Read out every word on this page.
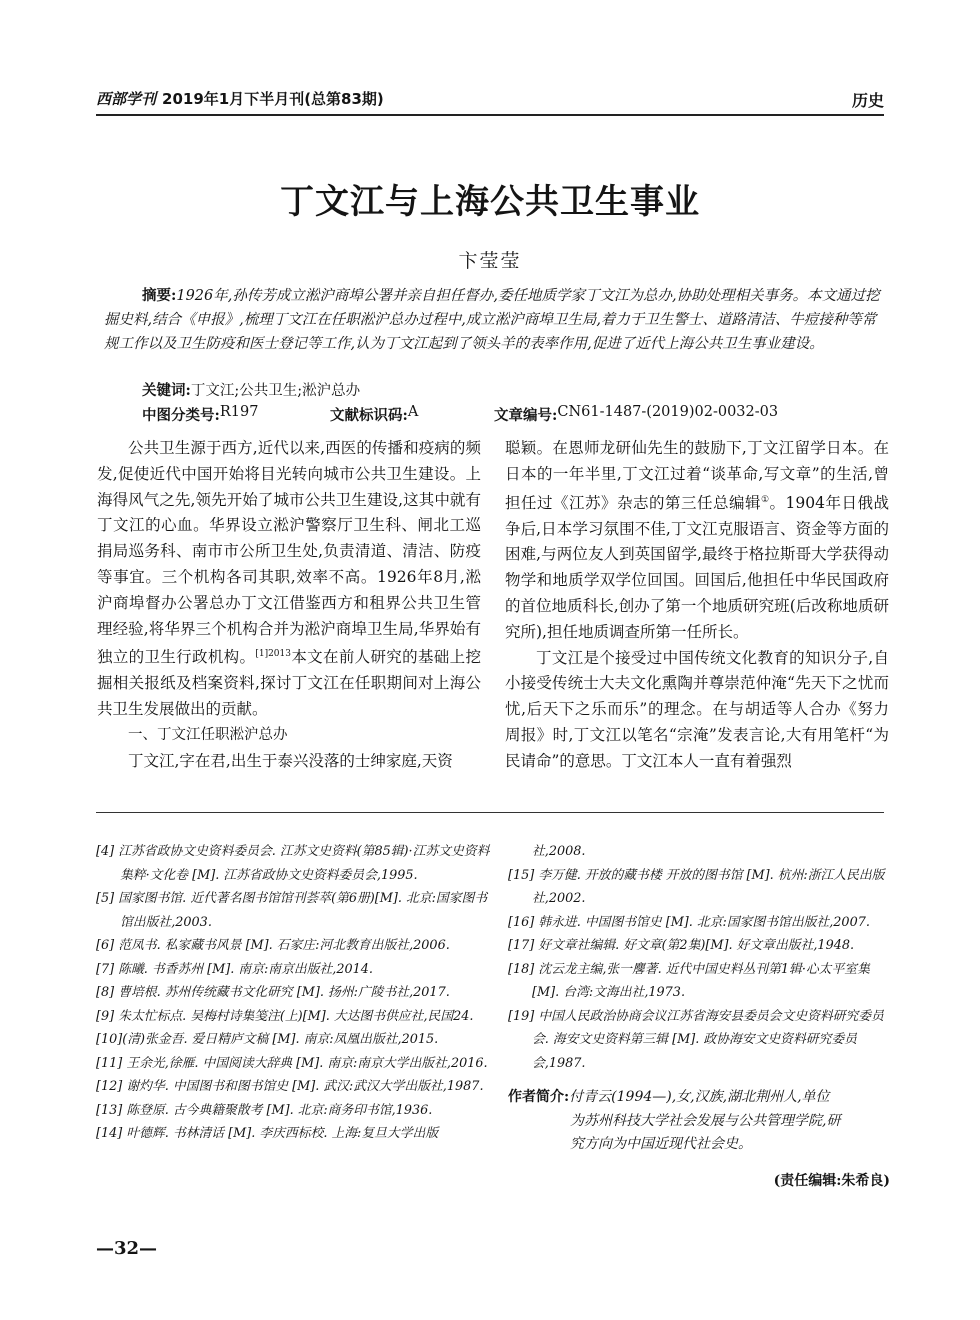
西部学刊 2019年1月下半月刊(总第83期)	历史
丁文江与上海公共卫生事业
卞莹莹
摘要:1926年,孙传芳成立淞沪商埠公署并亲自担任督办,委任地质学家丁文江为总办,协助处理相关事务。本文通过挖掘史料,结合《申报》,梳理丁文江在任职淞沪总办过程中,成立淞沪商埠卫生局,着力于卫生警士、道路清洁、牛痘接种等常规工作以及卫生防疫和医士登记等工作,认为丁文江起到了领头羊的表率作用,促进了近代上海公共卫生事业建设。
关键词:丁文江;公共卫生;淞沪总办
中图分类号: R197	文献标识码: A	文章编号: CN61-1487-(2019)02-0032-03

公共卫生源于西方,近代以来,西医的传播和疫病的频发,促使近代中国开始将目光转向城市公共卫生建设。上海得风气之先,领先开始了城市公共卫生建设,这其中就有丁文江的心血。华界设立淞沪警察厅卫生科、闸北工巡捐局巡务科、南市市公所卫生处,负责清道、清洁、防疫等事宜。三个机构各司其职,效率不高。1926年8月,淞沪商埠督办公署总办丁文江借鉴西方和租界公共卫生管理经验,将华界三个机构合并为淞沪商埠卫生局,华界始有独立的卫生行政机构。$^{[1]2013}$本文在前人研究的基础上挖掘相关报纸及档案资料,探讨丁文江在任职期间对上海公共卫生发展做出的贡献。

一、丁文江任职淞沪总办

丁文江,字在君,出生于泰兴没落的士绅家庭,天资

聪颖。在恩师龙研仙先生的鼓励下,丁文江留学日本。在日本的一年半里,丁文江过着“谈革命,写文章”的生活,曾担任过《江苏》杂志的第三任总编辑①。1904年日俄战争后,日本学习氛围不佳,丁文江克服语言、资金等方面的困难,与两位友人到英国留学,最终于格拉斯哥大学获得动物学和地质学双学位回国。回国后,他担任中华民国政府的首位地质科长,创办了第一个地质研究班(后改称地质研究所),担任地质调查所第一任所长。

丁文江是个接受过中国传统文化教育的知识分子,自小接受传统士大夫文化熏陶并尊崇范仲淹“先天下之忧而忧,后天下之乐而乐”的理念。在与胡适等人合办《努力周报》时,丁文江以笔名“宗淹”发表言论,大有用笔杆“为民请命”的意思。丁文江本人一直有着强烈

[4] 江苏省政协文史资料委员会. 江苏文史资料(第85辑)·江苏文史资料集粹·文化卷 [M]. 江苏省政协文史资料委员会,1995.

[5] 国家图书馆. 近代著名图书馆馆刊荟萃(第6册)[M]. 北京:国家图书馆出版社,2003.

[6] 范凤书. 私家藏书风景 [M]. 石家庄:河北教育出版社,2006.

[7] 陈曦. 书香苏州 [M]. 南京:南京出版社,2014.

[8] 曹培根. 苏州传统藏书文化研究 [M]. 扬州:广陵书社,2017.

[9] 朱太忙标点. 吴梅村诗集笺注(上)[M]. 大达图书供应社,民国24.

[10](清)张金吾. 爱日精庐文稿 [M]. 南京:凤凰出版社,2015.

[11] 王余光,徐雁. 中国阅读大辞典 [M]. 南京:南京大学出版社,2016.

[12] 谢灼华. 中国图书和图书馆史 [M]. 武汉:武汉大学出版社,1987.

[13] 陈登原. 古今典籍聚散考 [M]. 北京:商务印书馆,1936.

[14] 叶德辉. 书林清话 [M]. 李庆西标校. 上海:复旦大学出版

社,2008.

[15] 李万健. 开放的藏书楼 开放的图书馆 [M]. 杭州:浙江人民出版社,2002.

[16] 韩永进. 中国图书馆史 [M]. 北京:国家图书馆出版社,2007.

[17] 好文章社编辑. 好文章(第2集)[M]. 好文章出版社,1948.

[18] 沈云龙主编,张一麐著. 近代中国史料丛刊第1辑·心太平室集 [M]. 台湾:文海出社,1973.

[19] 中国人民政治协商会议江苏省海安县委员会文史资料研究委员会. 海安文史资料第三辑 [M]. 政协海安文史资料研究委员会,1987.

作者简介:付青云(1994—),女,汉族,湖北荆州人,单位

为苏州科技大学社会发展与公共管理学院,研

究方向为中国近现代社会史。

(责任编辑:朱希良)
—32—
